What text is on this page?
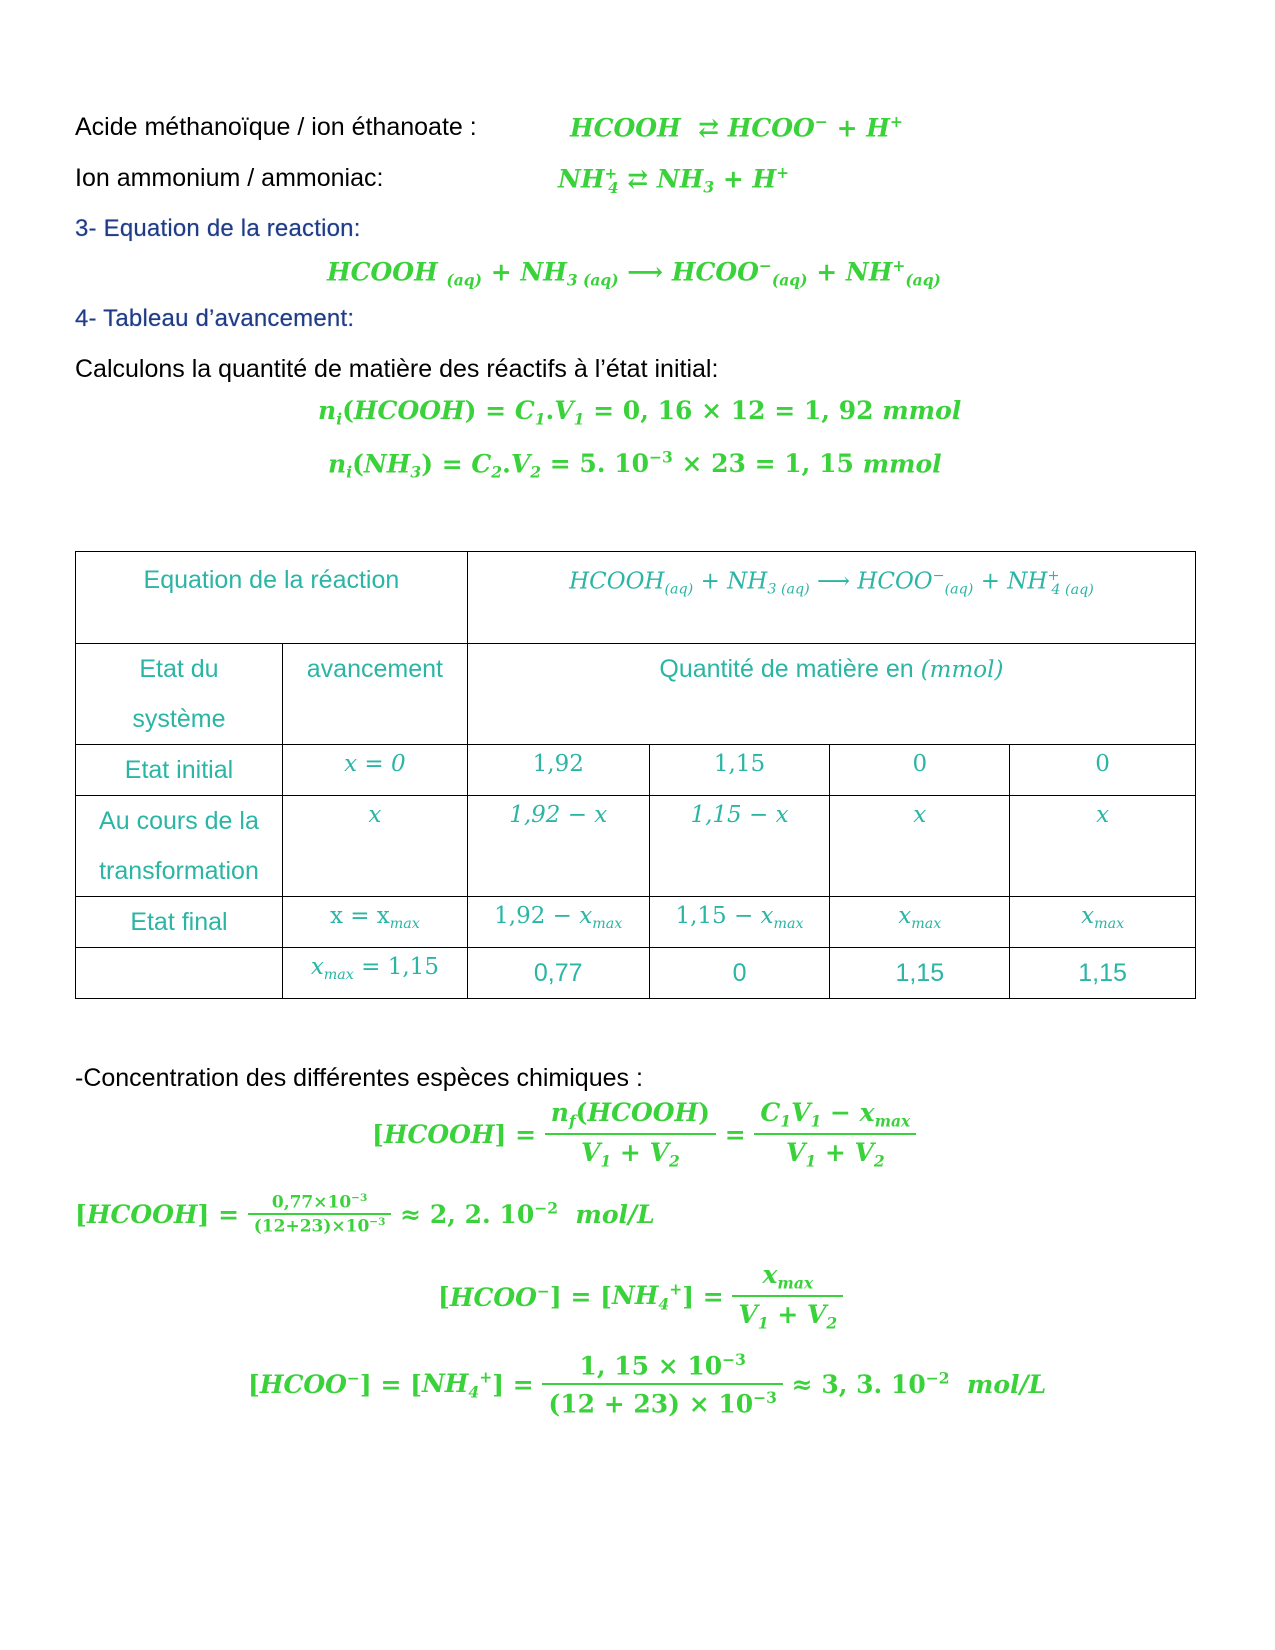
Acide méthanoïque / ion éthanoate :	HCOOH  ⇄ HCOO− + H+
Ion ammonium / ammoniac:	$NH^+_4$ ⇄ $NH_3 + H^+$
3- Equation de la reaction:
HCOOH $_{(aq)} + NH_{3 (aq)}$ ⟶ $HCOO^-_{(aq)} + NH^+_{(aq)}$
4- Tableau d’avancement:
Calculons la quantité de matière des réactifs à l’état initial:
$n_i(HCOOH) = C_1.V_1 = 0$, 16 × 12 = 1, 92 mmol
$n_i(NH_3) = C_2.V_2 = 5$. $10^{-3} \times 23 = 1$, 15 mmol
Equation de la réaction		$HCOOH_{(aq)} + NH_{3 (aq)}$ ⟶ $HCOO^-_{(aq)} + NH^+_{4 (aq)}$
Etat du
système	avancement	Quantité de matière en (mmol)			
Etat initial	x = 0	1,92	1,15	0	0
Au cours de la
transformation	x	1,92 − x	1,15 − x	x	x
Etat final	$x = x_{max}$	$1,92 - x_{max}$	$1,15 - x_{max}$	$x_{max}$	$x_{max}$
	$x_{max} = 1,15$	0,77	0	1,15	1,15
-Concentration des différentes espèces chimiques :
[HCOOH] = $\frac{n_f(HCOOH)}{V_1 + V_2} = \frac{C_1V_1 - x_{max}}{V_1 + V_2}$
[HCOOH] = $\frac{0,77\times 10^{-3}}{(12+23)\times 10^{-3}} \approx 2$, 2. $10^{-2}$  mol/L
[HCOO−] = $[NH_4^+] = \frac{x_{max}}{V_1 + V_2}$
[HCOO−] = $[NH_4^+] = \frac{1, 15 \times 10^{-3}}{(12 + 23) \times 10^{-3}} \approx 3$, 3. $10^{-2}$  mol/L
